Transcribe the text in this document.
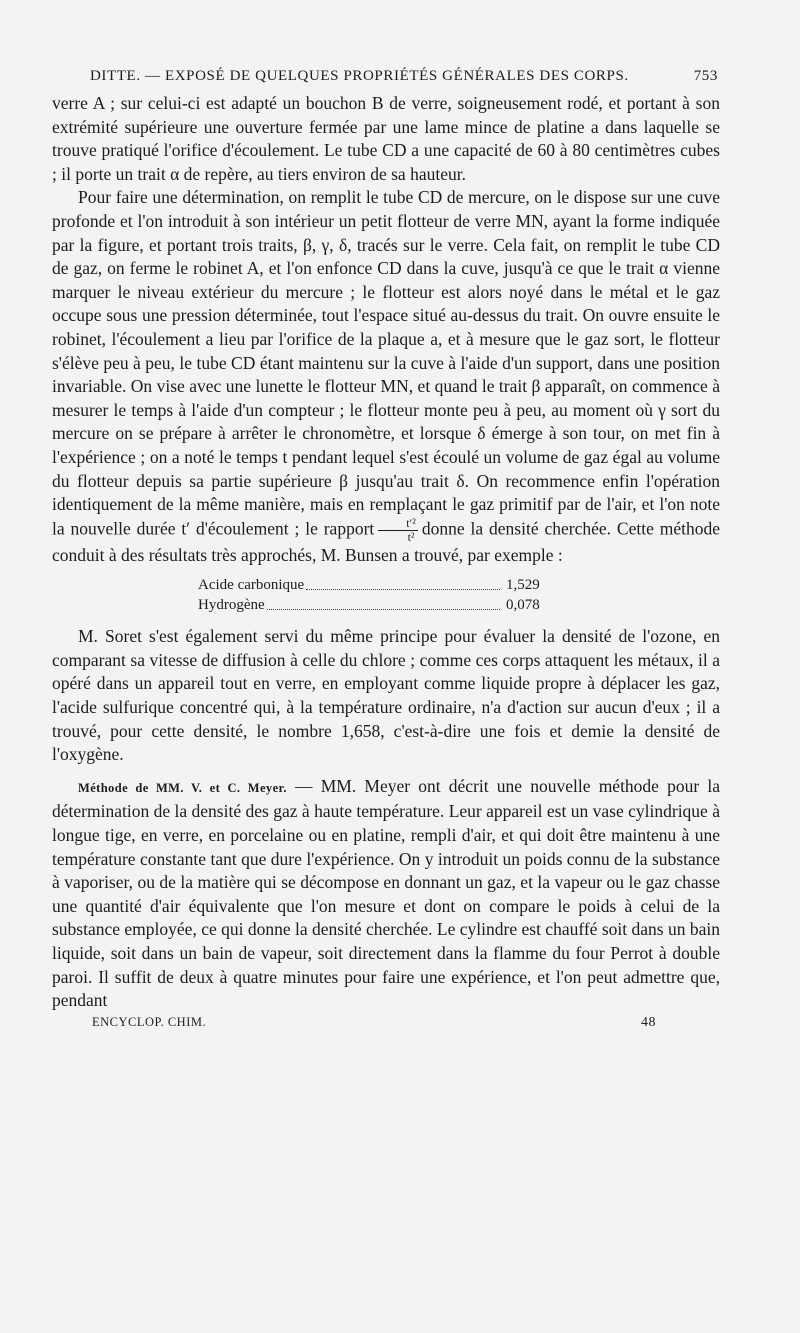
DITTE. — EXPOSÉ DE QUELQUES PROPRIÉTÉS GÉNÉRALES DES CORPS.	753

verre A ; sur celui-ci est adapté un bouchon B de verre, soigneusement rodé, et portant à son extrémité supérieure une ouverture fermée par une lame mince de platine a dans laquelle se trouve pratiqué l'orifice d'écoulement. Le tube CD a une capacité de 60 à 80 centimètres cubes ; il porte un trait α de repère, au tiers environ de sa hauteur.

Pour faire une détermination, on remplit le tube CD de mercure, on le dispose sur une cuve profonde et l'on introduit à son intérieur un petit flotteur de verre MN, ayant la forme indiquée par la figure, et portant trois traits, β, γ, δ, tracés sur le verre. Cela fait, on remplit le tube CD de gaz, on ferme le robinet A, et l'on enfonce CD dans la cuve, jusqu'à ce que le trait α vienne marquer le niveau extérieur du mercure ; le flotteur est alors noyé dans le métal et le gaz occupe sous une pression déterminée, tout l'espace situé au-dessus du trait. On ouvre ensuite le robinet, l'écoulement a lieu par l'orifice de la plaque a, et à mesure que le gaz sort, le flotteur s'élève peu à peu, le tube CD étant maintenu sur la cuve à l'aide d'un support, dans une position invariable. On vise avec une lunette le flotteur MN, et quand le trait β apparaît, on commence à mesurer le temps à l'aide d'un compteur ; le flotteur monte peu à peu, au moment où γ sort du mercure on se prépare à arrêter le chronomètre, et lorsque δ émerge à son tour, on met fin à l'expérience ; on a noté le temps t pendant lequel s'est écoulé un volume de gaz égal au volume du flotteur depuis sa partie supérieure β jusqu'au trait δ. On recommence enfin l'opération identiquement de la même manière, mais en remplaçant le gaz primitif par de l'air, et l'on note la nouvelle durée t′ d'écoulement ; le rapport $\frac{\text{t′²}}{\text{t²}}$ donne la densité cherchée. Cette méthode conduit à des résultats très approchés, M. Bunsen a trouvé, par exemple :

Acide carbonique	1,529
Hydrogène	0,078

M. Soret s'est également servi du même principe pour évaluer la densité de l'ozone, en comparant sa vitesse de diffusion à celle du chlore ; comme ces corps attaquent les métaux, il a opéré dans un appareil tout en verre, en employant comme liquide propre à déplacer les gaz, l'acide sulfurique concentré qui, à la température ordinaire, n'a d'action sur aucun d'eux ; il a trouvé, pour cette densité, le nombre 1,658, c'est-à-dire une fois et demie la densité de l'oxygène.

Méthode de MM. V. et C. Meyer. — MM. Meyer ont décrit une nouvelle méthode pour la détermination de la densité des gaz à haute température. Leur appareil est un vase cylindrique à longue tige, en verre, en porcelaine ou en platine, rempli d'air, et qui doit être maintenu à une température constante tant que dure l'expérience. On y introduit un poids connu de la substance à vaporiser, ou de la matière qui se décompose en donnant un gaz, et la vapeur ou le gaz chasse une quantité d'air équivalente que l'on mesure et dont on compare le poids à celui de la substance employée, ce qui donne la densité cherchée. Le cylindre est chauffé soit dans un bain liquide, soit dans un bain de vapeur, soit directement dans la flamme du four Perrot à double paroi. Il suffit de deux à quatre minutes pour faire une expérience, et l'on peut admettre que, pendant

ENCYCLOP. CHIM.	48
